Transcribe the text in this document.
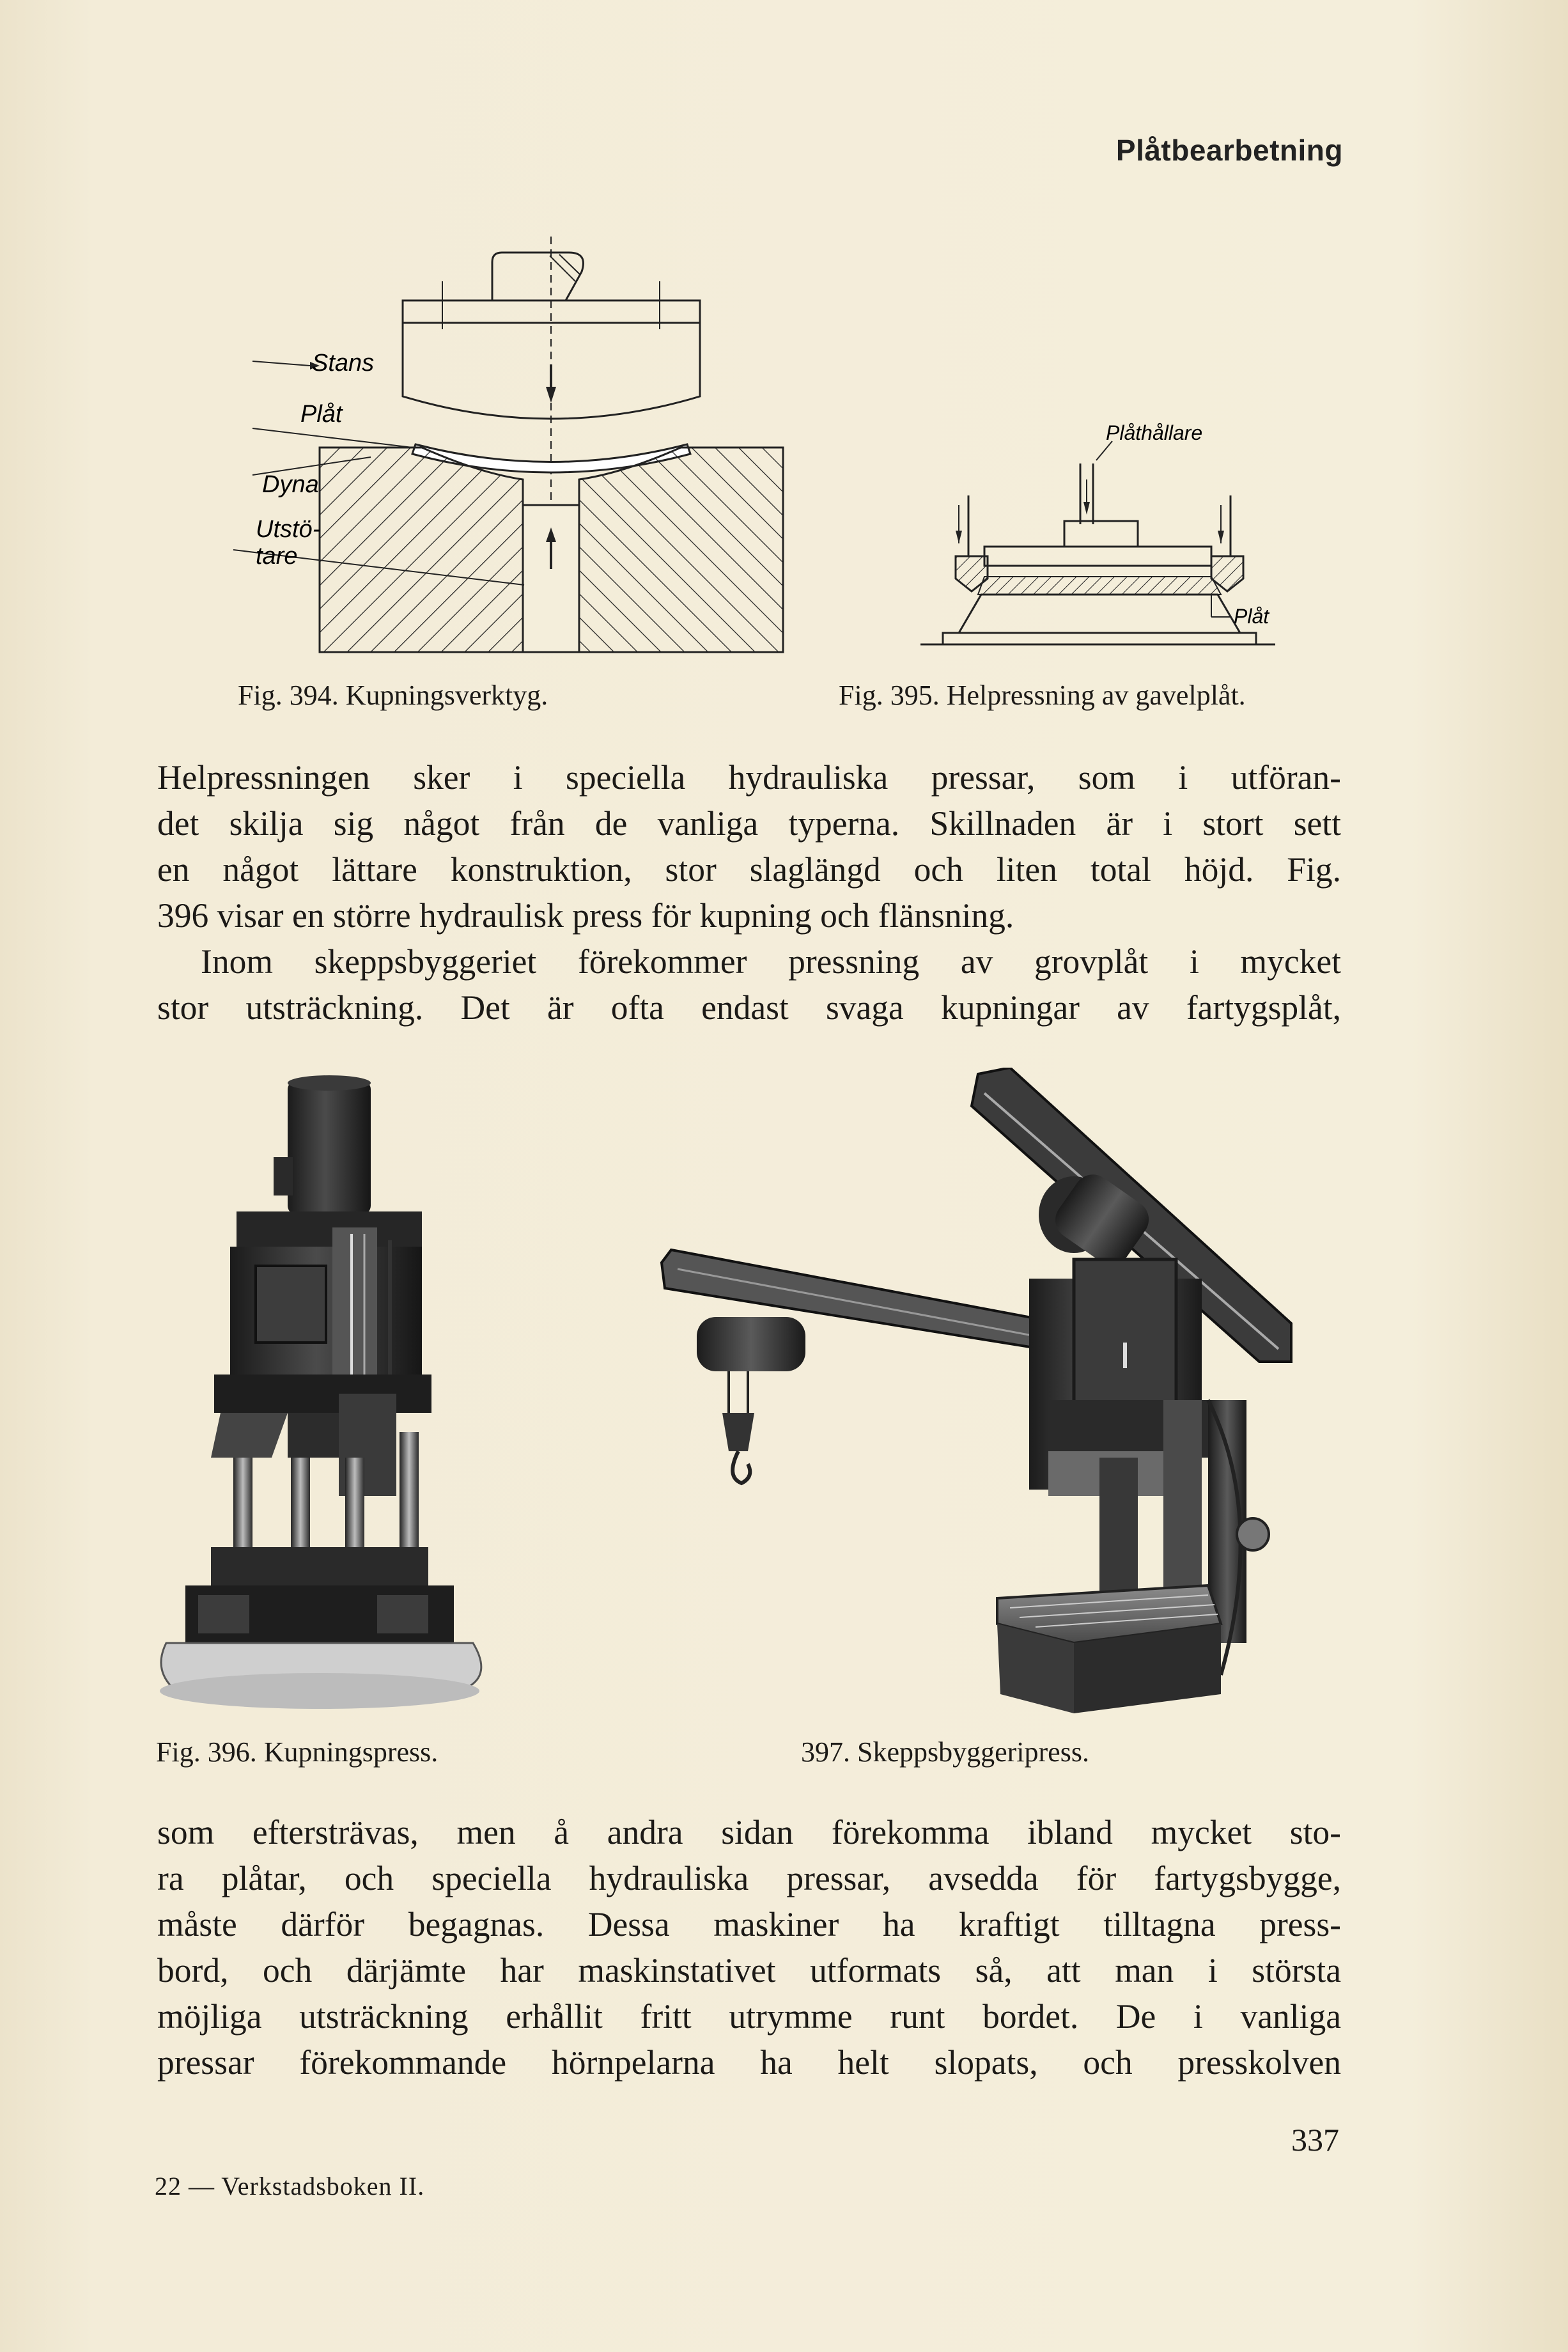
Plåtbearbetning
Stans
Plåt
Dyna
Utstö-
tare
Fig. 394. Kupningsverktyg.
Plåthållare
Plåt
Fig. 395. Helpressning av gavelplåt.
Helpressningen sker i speciella hydrauliska pressar, som i utföran-
det skilja sig något från de vanliga typerna. Skillnaden är i stort sett
en något lättare konstruktion, stor slaglängd och liten total höjd. Fig.
396 visar en större hydraulisk press för kupning och flänsning.
Inom skeppsbyggeriet förekommer pressning av grovplåt i mycket
stor utsträckning. Det är ofta endast svaga kupningar av fartygsplåt,
Fig. 396. Kupningspress.	397. Skeppsbyggeripress.
som eftersträvas, men å andra sidan förekomma ibland mycket sto-
ra plåtar, och speciella hydrauliska pressar, avsedda för fartygsbygge,
måste därför begagnas. Dessa maskiner ha kraftigt tilltagna press-
bord, och därjämte har maskinstativet utformats så, att man i största
möjliga utsträckning erhållit fritt utrymme runt bordet. De i vanliga
pressar förekommande hörnpelarna ha helt slopats, och presskolven
337
22 — Verkstadsboken II.
